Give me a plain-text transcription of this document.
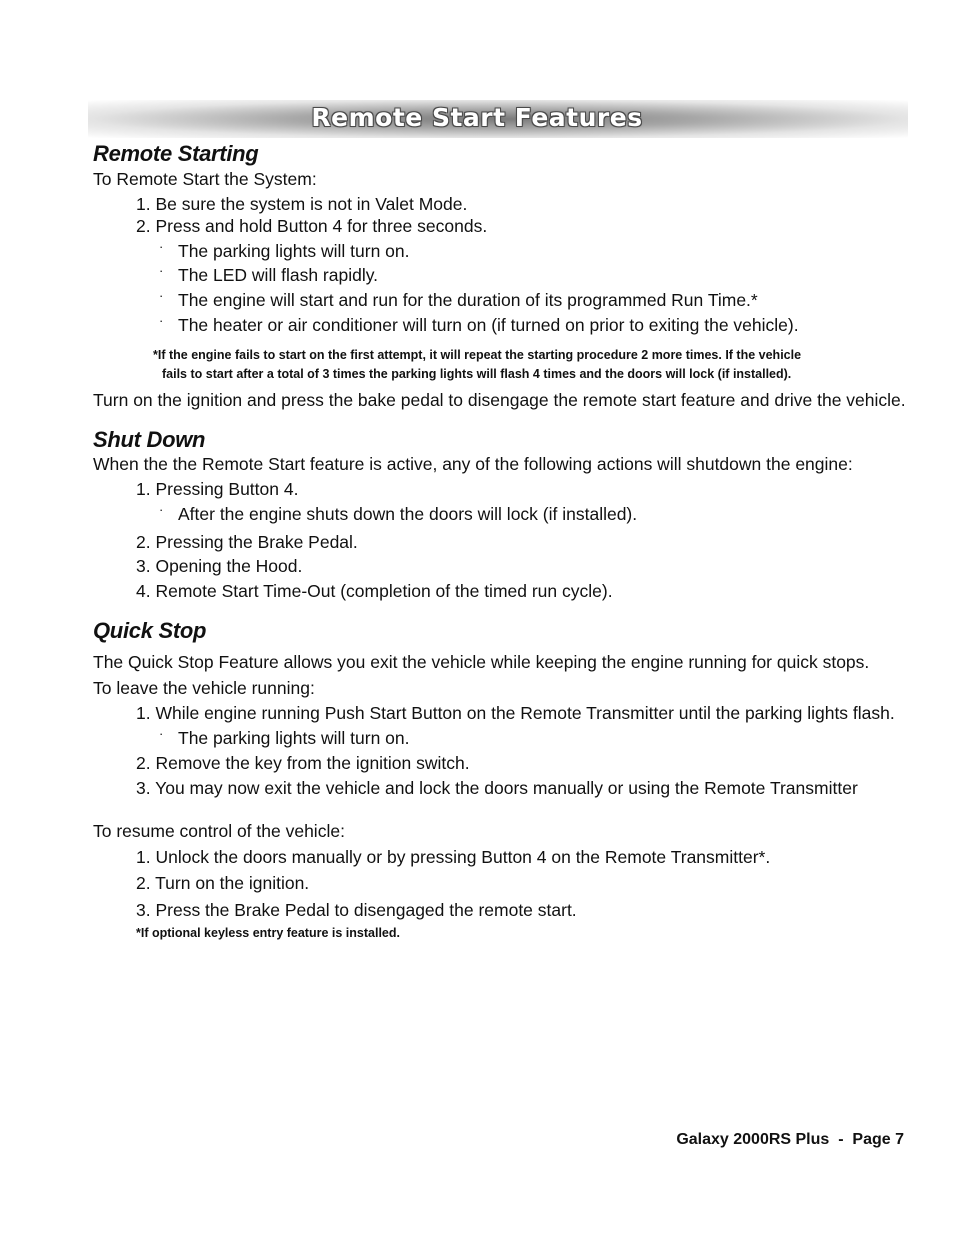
Remote Start Features
Remote Starting
To Remote Start the System:
1. Be sure the system is not in Valet Mode.
2. Press and hold Button 4 for three seconds.
· The parking lights will turn on.
· The LED will flash rapidly.
· The engine will start and run for the duration of its programmed Run Time.*
· The heater or air conditioner will turn on (if turned on prior to exiting the vehicle).
*If the engine fails to start on the first attempt, it will repeat the starting procedure 2 more times. If the vehicle
fails to start after a total of 3 times the parking lights will flash 4 times and the doors will lock (if installed).
Turn on the ignition and press the bake pedal to disengage the remote start feature and drive the vehicle.
Shut Down
When the the Remote Start feature is active, any of the following actions will shutdown the engine:
1. Pressing Button 4.
· After the engine shuts down the doors will lock (if installed).
2. Pressing the Brake Pedal.
3. Opening the Hood.
4. Remote Start Time-Out (completion of the timed run cycle).
Quick Stop
The Quick Stop Feature allows you exit the vehicle while keeping the engine running for quick stops.
To leave the vehicle running:
1. While engine running Push Start Button on the Remote Transmitter until the parking lights flash.
· The parking lights will turn on.
2. Remove the key from the ignition switch.
3. You may now exit the vehicle and lock the doors manually or using the Remote Transmitter
To resume control of the vehicle:
1. Unlock the doors manually or by pressing Button 4 on the Remote Transmitter*.
2. Turn on the ignition.
3. Press the Brake Pedal to disengaged the remote start.
*If optional keyless entry feature is installed.
Galaxy 2000RS Plus  -  Page 7
